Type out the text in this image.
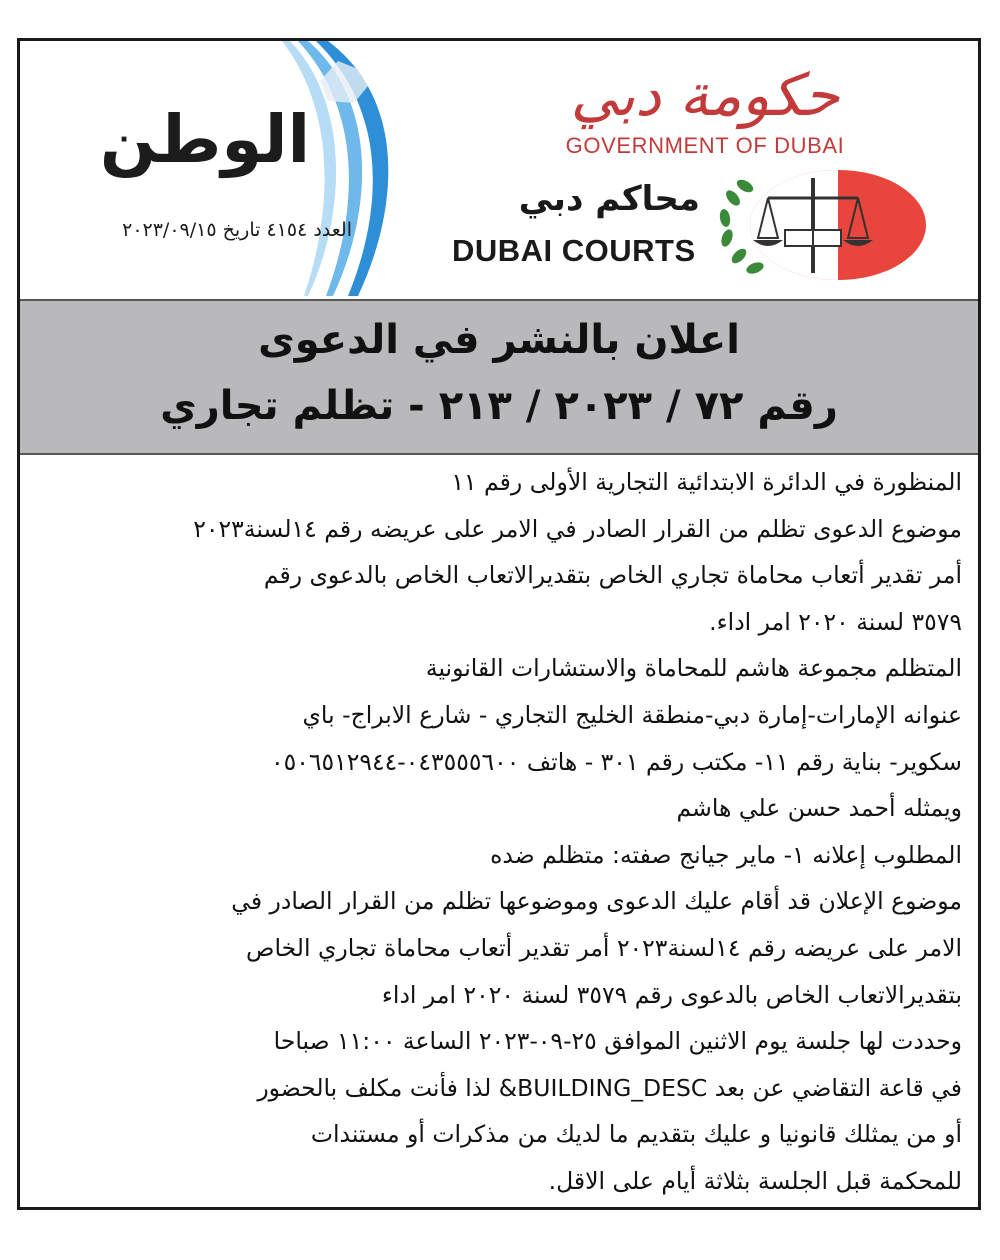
الوطن
العدد ٤١٥٤ تاريخ ٢٠٢٣/٠٩/١٥
حكومة دبي
GOVERNMENT OF DUBAI
محاكم دبي
DUBAI COURTS
اعلان بالنشر في الدعوى
رقم ٧٢ / ٢٠٢٣ / ٢١٣ - تظلم تجاري

المنظورة في الدائرة الابتدائية التجارية الأولى رقم ١١

موضوع الدعوى تظلم من القرار الصادر في الامر على عريضه رقم ١٤لسنة٢٠٢٣

أمر تقدير أتعاب محاماة تجاري الخاص بتقديرالاتعاب الخاص بالدعوى رقم

٣٥٧٩ لسنة ٢٠٢٠ امر اداء.

المتظلم مجموعة هاشم للمحاماة والاستشارات القانونية

عنوانه الإمارات-إمارة دبي-منطقة الخليج التجاري - شارع الابراج- باي

سكوير- بناية رقم ١١- مكتب رقم ٣٠١ - هاتف ٠٤٣٥٥٥٦٠٠-٠٥٠٦٥١٢٩٤٤

ويمثله أحمد حسن علي هاشم

المطلوب إعلانه ١- ماير جيانج صفته: متظلم ضده

موضوع الإعلان قد أقام عليك الدعوى وموضوعها تظلم من القرار الصادر في

الامر على عريضه رقم ١٤لسنة٢٠٢٣ أمر تقدير أتعاب محاماة تجاري الخاص

بتقديرالاتعاب الخاص بالدعوى رقم ٣٥٧٩ لسنة ٢٠٢٠ امر اداء

وحددت لها جلسة يوم الاثنين الموافق ٢٥-٠٩-٢٠٢٣ الساعة ١١:٠٠ صباحا

في قاعة التقاضي عن بعد BUILDING_DESC& لذا فأنت مكلف بالحضور

أو من يمثلك قانونيا و عليك بتقديم ما لديك من مذكرات أو مستندات

للمحكمة قبل الجلسة بثلاثة أيام على الاقل.
